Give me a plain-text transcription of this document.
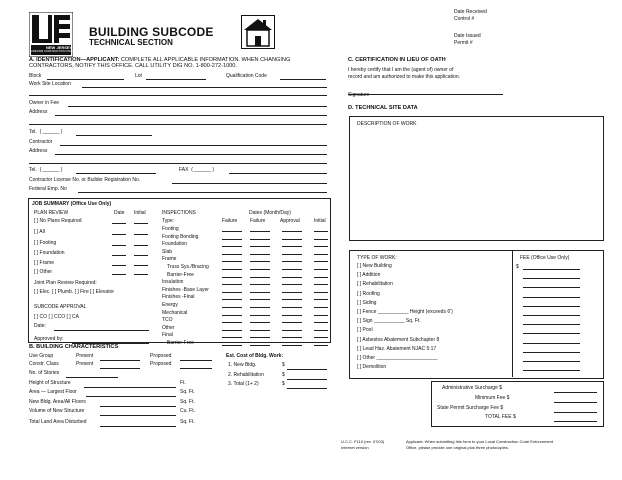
NEW JERSEY
UNIFORM CONSTRUCTION CODE
BUILDING SUBCODE
TECHNICAL SECTION
Date Received
Control #
Date Issued
Permit #
A. IDENTIFICATION—APPLICANT: COMPLETE ALL APPLICABLE INFORMATION. WHEN CHANGING
CONTRACTORS, NOTIFY THIS OFFICE. CALL UTILITY DIG NO. 1-800-272-1000.
Block	Lot	Qualification Code
Work Site Location
Owner in Fee
Address
Tel. ( ______ )
Contractor
Address
Tel. ( ______ )	FAX ( ______ )
Contractor License No. or Builder Registration No.
Federal Emp. No
JOB SUMMARY (Office Use Only)
PLAN REVIEW	Date Initial
[ ] No Plans Required
[ ] All
[ ] Footing
[ ] Foundation
[ ] Frame
[ ] Other
Joint Plan Review Required:
[ ] Elec. [ ] Plumb. [ ] Fire [ ] Elevator
SUBCODE APPROVAL
[ ] CO [ ] CCO [ ] CA
Date:
Approved by:
INSPECTIONS	Dates (Month/Day)
Type:	Failure	Failure	Approval	Initial
Footing
Footing Bonding
Foundation
Slab
Frame
Truss Sys./Bracing
Barrier-Free
Insulation
Finishes -Base Layer
Finishes -Final
Energy
Mechanical
TCO
Other
Final
Barrier-Free
B. BUILDING CHARACTERISTICS
Use Group	Present	Proposed
Constr. Class	Present	Proposed
No. of Stories
Height of Structure	Ft.
Area — Largest Floor	Sq. Ft.
New Bldg. Area/All Floors	Sq. Ft.
Volume of New Structure	Cu. Ft.
Total Land Area Disturbed	Sq. Ft.
Est. Cost of Bldg. Work:
1. New Bldg.	$
2. Rehabilitation	$
3. Total (1+ 2)	$
C. CERTIFICATION IN LIEU OF OATH
I hereby certify that I am the (agent of) owner of
record and am authorized to make this application.
Signature
D. TECHNICAL SITE DATA
DESCRIPTION OF WORK
TYPE OF WORK:
[ ] New Building
[ ] Addition
[ ] Rehabilitation
[ ] Roofing
[ ] Siding
[ ] Fence ___________ Height (exceeds 6')
[ ] Sign ___________ Sq. Ft.
[ ] Pool
[ ] Asbestos Abatement Subchapter 8
[ ] Lead Haz. Abatement NJAC 5:17
[ ] Other ______________________
[ ] Demolition
FEE (Office Use Only)
$
Administrative Surcharge $
Minimum Fee $
State Permit Surcharge Fee $
TOTAL FEE $
U.C.C. F110 (rev. 07/03)
Internet version
Applicant: When submitting this form to your Local Construction Code Enforcement
Office, please provide one original plus three photocopies.
